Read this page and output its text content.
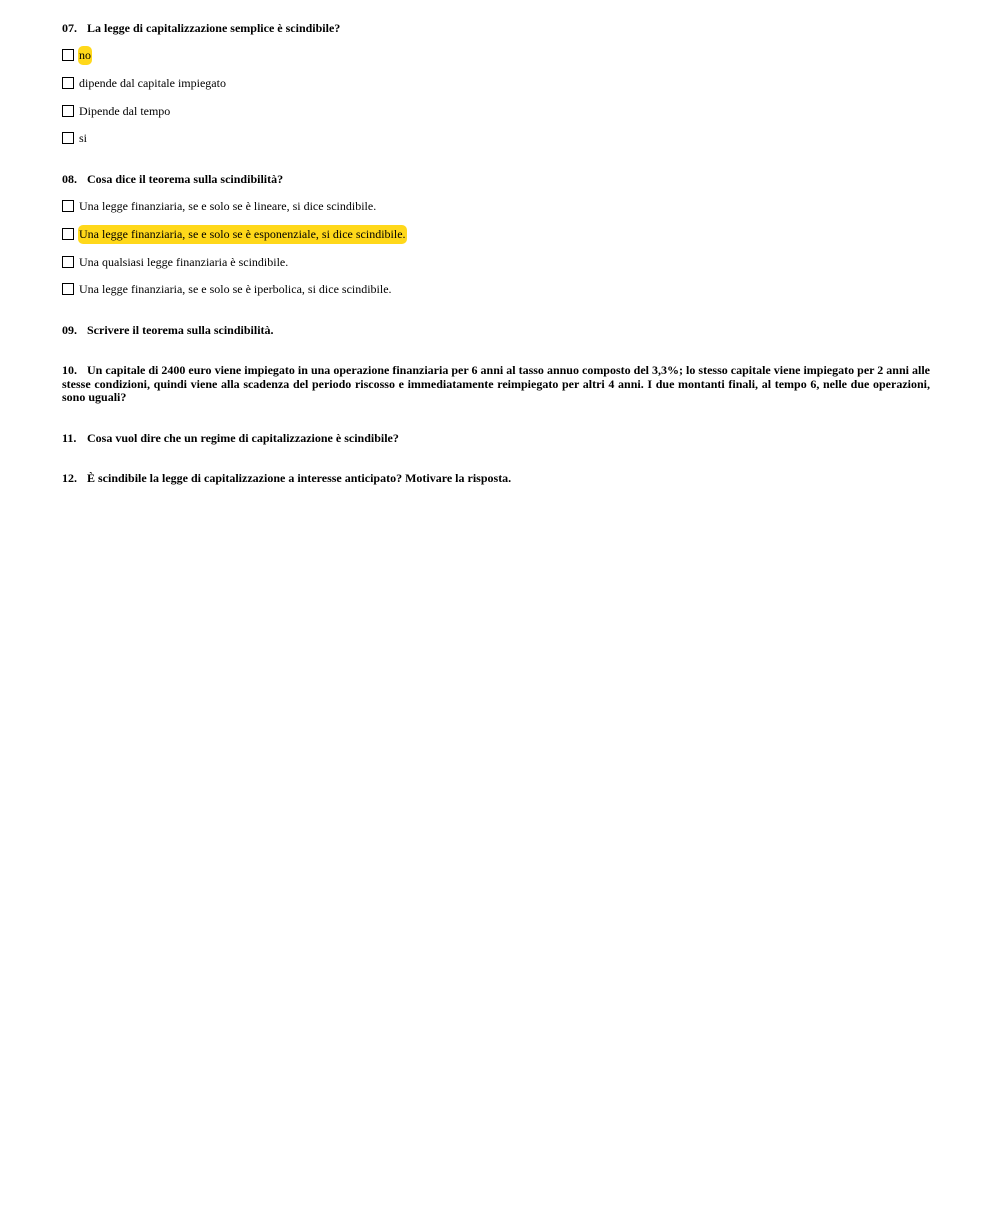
07. La legge di capitalizzazione semplice è scindibile?
no
dipende dal capitale impiegato
Dipende dal tempo
si
08. Cosa dice il teorema sulla scindibilità?
Una legge finanziaria, se e solo se è lineare, si dice scindibile.
Una legge finanziaria, se e solo se è esponenziale, si dice scindibile.
Una qualsiasi legge finanziaria è scindibile.
Una legge finanziaria, se e solo se è iperbolica, si dice scindibile.
09. Scrivere il teorema sulla scindibilità.
10. Un capitale di 2400 euro viene impiegato in una operazione finanziaria per 6 anni al tasso annuo composto del 3,3%; lo stesso capitale viene impiegato per 2 anni alle stesse condizioni, quindi viene alla scadenza del periodo riscosso e immediatamente reimpiegato per altri 4 anni. I due montanti finali, al tempo 6, nelle due operazioni, sono uguali?
11. Cosa vuol dire che un regime di capitalizzazione è scindibile?
12. È scindibile la legge di capitalizzazione a interesse anticipato? Motivare la risposta.
